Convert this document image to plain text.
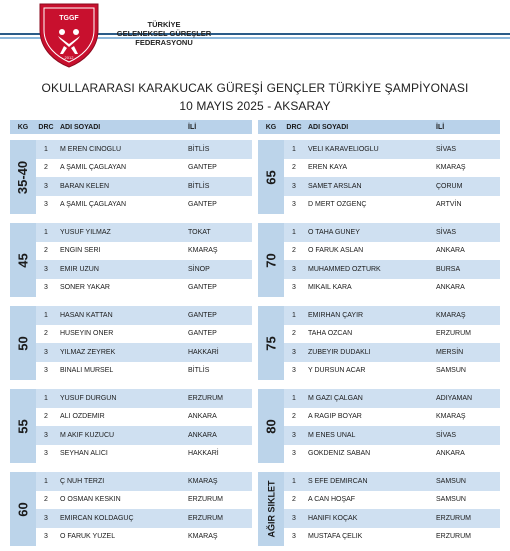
TGGF
2012
TÜRKİYE
GELENEKSEL GÜREŞLER
FEDERASYONU
OKULLARARASI KARAKUCAK GÜREŞİ GENÇLER TÜRKİYE ŞAMPİYONASI
10 MAYIS 2025 - AKSARAY
KG	DRC ADI SOYADI	İLİ
35-40
1	M EREN CİNOĞLU	BİTLİS
2	A ŞAMİL ÇAĞLAYAN	GANTEP
3	BARAN KELEN	BİTLİS
3	A ŞAMİL ÇAĞLAYAN	GANTEP
45
1	YUSUF YILMAZ	TOKAT
2	ENGİN SERİ	KMARAŞ
3	EMİR UZUN	SİNOP
3	SONER YAKAR	GANTEP
50
1	HASAN KATTAN	GANTEP
2	HÜSEYİN ÖNER	GANTEP
3	YILMAZ ZEYREK	HAKKARİ
3	BİNALİ MÜRSEL	BİTLİS
55
1	YUSUF DURGUN	ERZURUM
2	ALİ ÖZDEMİR	ANKARA
3	M AKİF KUZUCU	ANKARA
3	SEYHAN ALICI	HAKKARİ
60
1	Ç NUH TERZİ	KMARAŞ
2	Ö OSMAN KESKİN	ERZURUM
3	EMİRCAN KOLDAGÜÇ	ERZURUM
3	Ö FARUK YÜZEL	KMARAŞ
KG	DRC ADI SOYADI	İLİ
65
1	VELİ KARAVELİOĞLU	SİVAS
2	EREN KAYA	KMARAŞ
3	SAMET ARSLAN	ÇORUM
3	D MERT ÖZGENÇ	ARTVİN
70
1	Ö TAHA GÜNEY	SİVAS
2	Ö FARUK ASLAN	ANKARA
3	MUHAMMED ÖZTÜRK	BURSA
3	MİKAİL KARA	ANKARA
75
1	EMİRHAN ÇAYIR	KMARAŞ
2	TAHA ÖZCAN	ERZURUM
3	ZÜBEYİR DUDAKLI	MERSİN
3	Y DURSUN ACAR	SAMSUN
80
1	M GAZİ ÇALGAN	ADIYAMAN
2	A RAGIP BOYAR	KMARAŞ
3	M ENES ÜNAL	SİVAS
3	GÖKDENİZ SABAN	ANKARA
AĞIR SIKLET	1	S EFE DEMİRCAN	SAMSUN
2	A CAN HOŞAF	SAMSUN
3	HANİFİ KOÇAK	ERZURUM
3	MUSTAFA ÇELİK	ERZURUM
